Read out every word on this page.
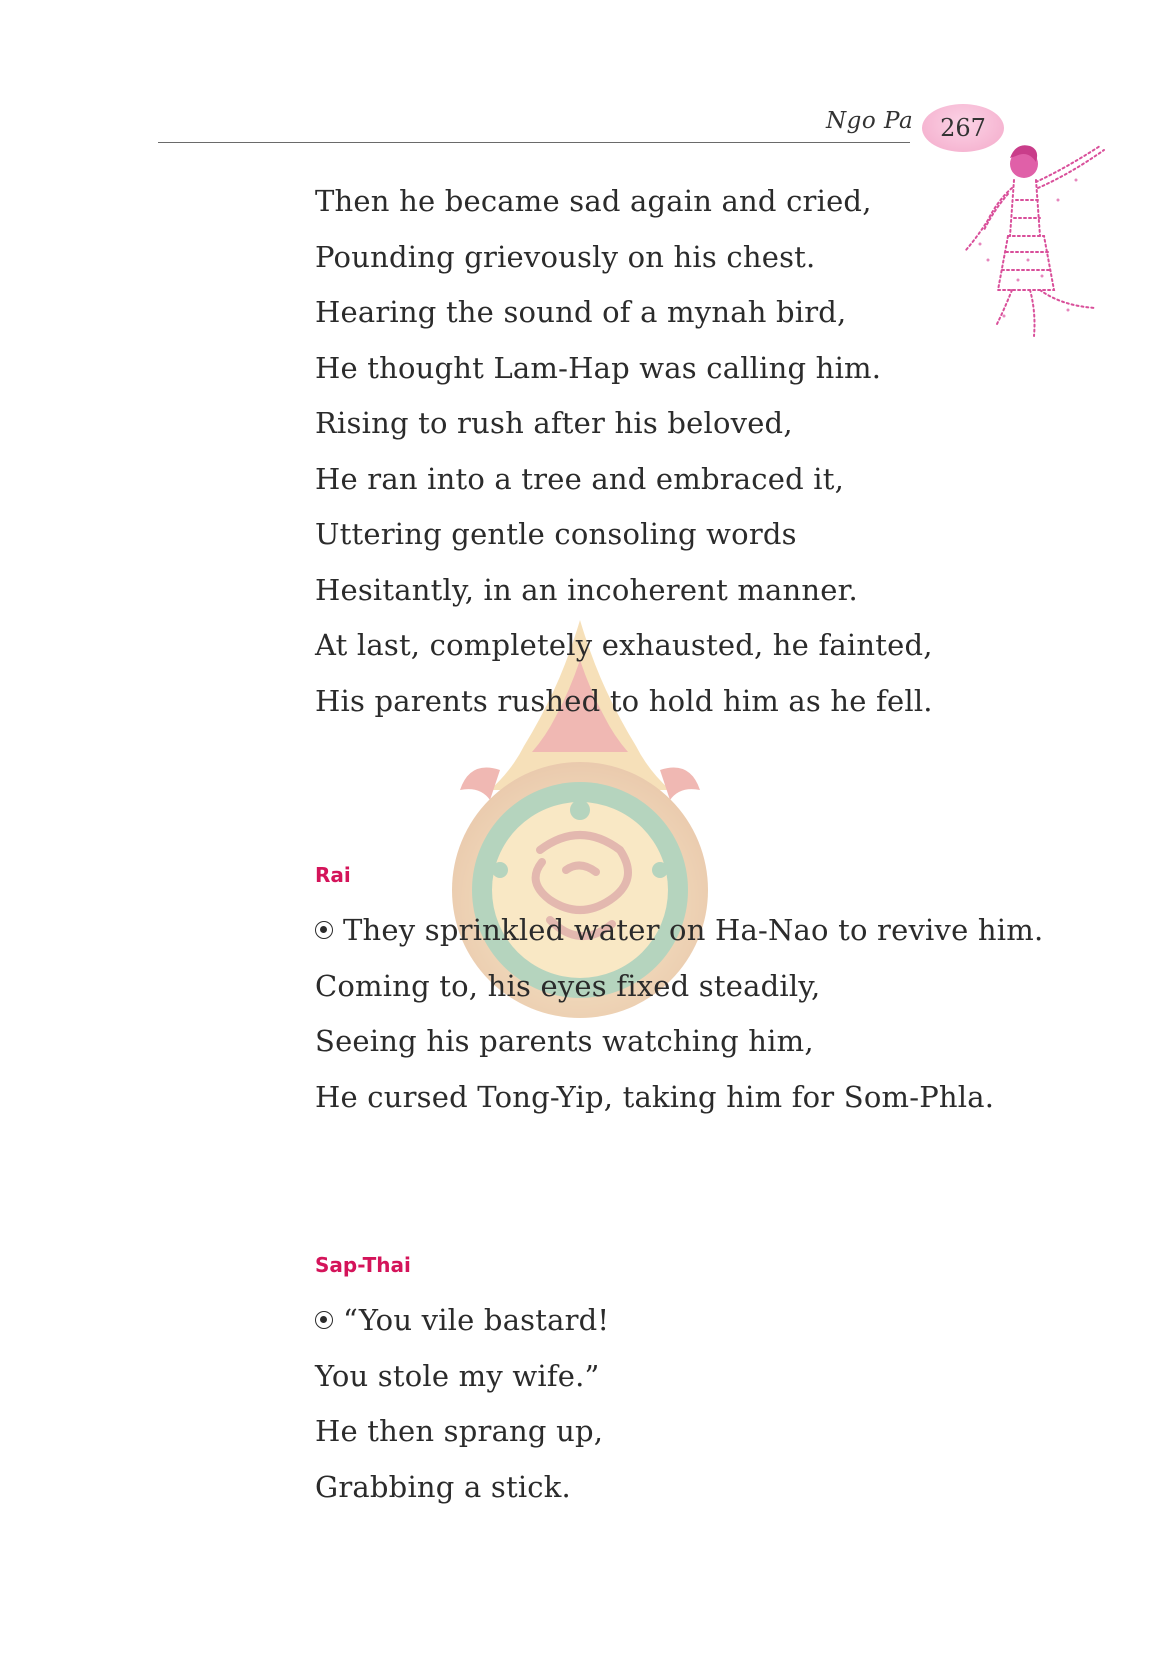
Ngo Pa 267
Then he became sad again and cried,
Pounding grievously on his chest.
Hearing the sound of a mynah bird,
He thought Lam-Hap was calling him.
Rising to rush after his beloved,
He ran into a tree and embraced it,
Uttering gentle consoling words
Hesitantly, in an incoherent manner.
At last, completely exhausted, he fainted,
His parents rushed to hold him as he fell.
Rai
They sprinkled water on Ha-Nao to revive him.
Coming to, his eyes fixed steadily,
Seeing his parents watching him,
He cursed Tong-Yip, taking him for Som-Phla.
Sap-Thai
“You vile bastard!
You stole my wife.”
He then sprang up,
Grabbing a stick.
